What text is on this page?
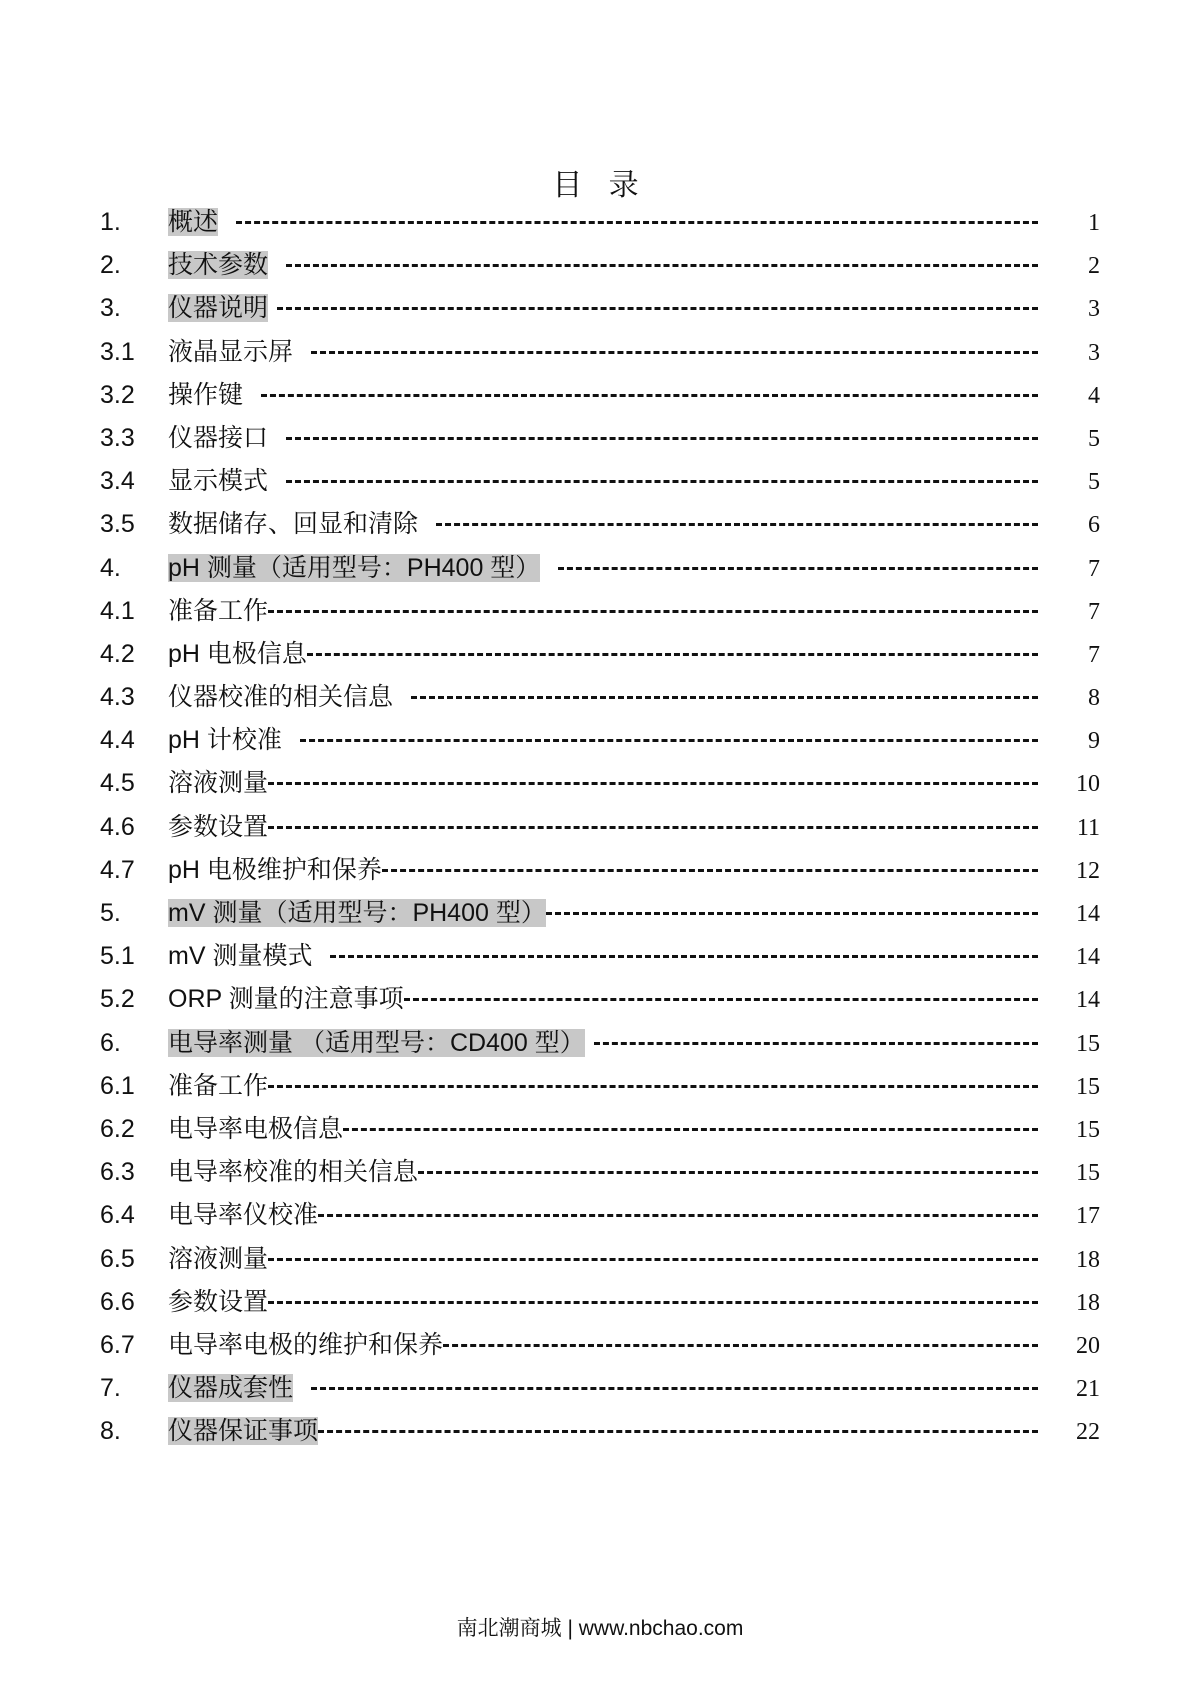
目 录
1.	概述	1
2.	技术参数	2
3.	仪器说明	3
3.1	液晶显示屏	3
3.2	操作键	4
3.3	仪器接口	5
3.4	显示模式	5
3.5	数据储存、回显和清除	6
4.	pH 测量（适用型号：PH400 型）	7
4.1	准备工作	7
4.2	pH 电极信息	7
4.3	仪器校准的相关信息	8
4.4	pH 计校准	9
4.5	溶液测量	10
4.6	参数设置	11
4.7	pH 电极维护和保养	12
5.	mV 测量（适用型号：PH400 型）	14
5.1	mV 测量模式	14
5.2	ORP 测量的注意事项	14
6.	电导率测量 （适用型号：CD400 型）	15
6.1	准备工作	15
6.2	电导率电极信息	15
6.3	电导率校准的相关信息	15
6.4	电导率仪校准	17
6.5	溶液测量	18
6.6	参数设置	18
6.7	电导率电极的维护和保养	20
7.	仪器成套性	21
8.	仪器保证事项	22
南北潮商城 | www.nbchao.com
